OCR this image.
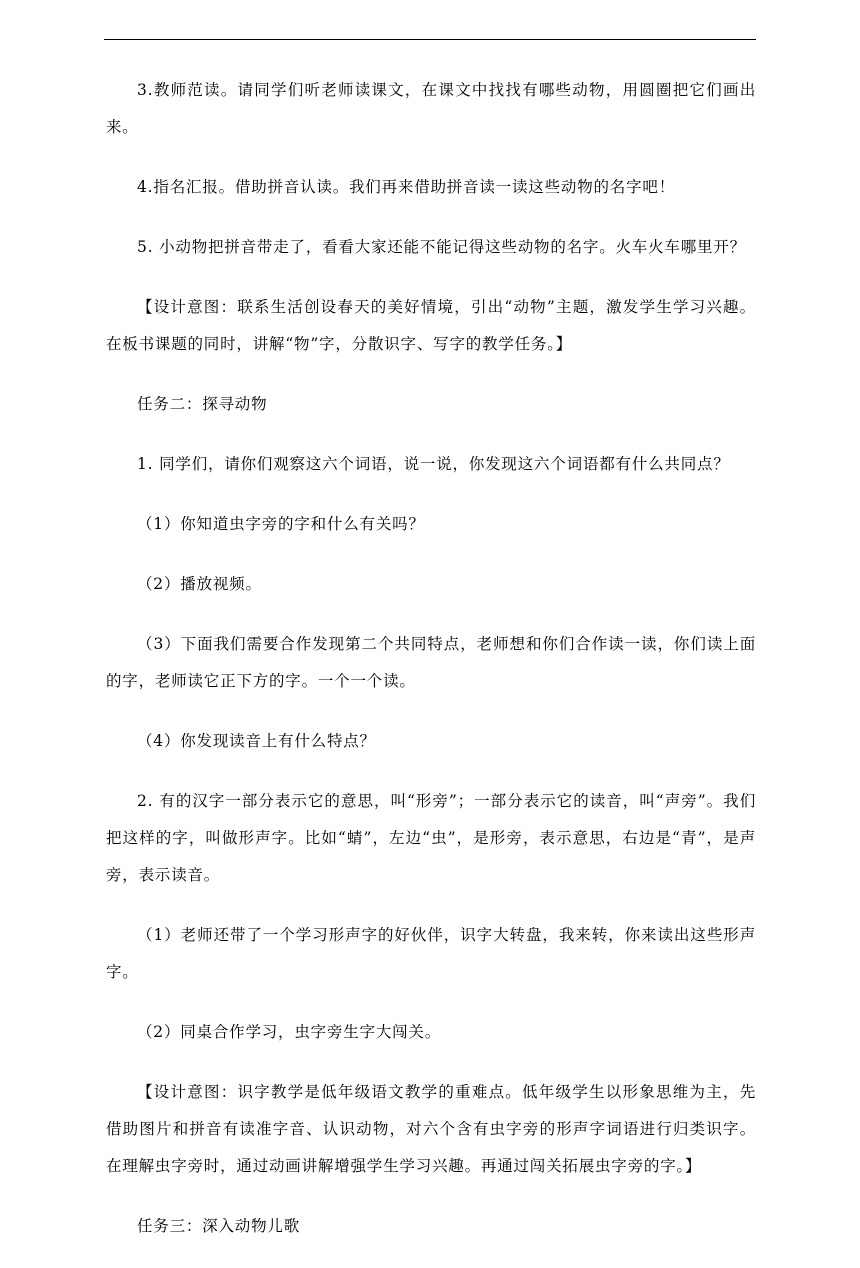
3.教师范读。请同学们听老师读课文，在课文中找找有哪些动物，用圆圈把它们画出来。

4.指名汇报。借助拼音认读。我们再来借助拼音读一读这些动物的名字吧！

5. 小动物把拼音带走了，看看大家还能不能记得这些动物的名字。火车火车哪里开？

【设计意图：联系生活创设春天的美好情境，引出“动物”主题，激发学生学习兴趣。在板书课题的同时，讲解“物”字，分散识字、写字的教学任务。】

任务二：探寻动物

1. 同学们，请你们观察这六个词语，说一说，你发现这六个词语都有什么共同点？

（1）你知道虫字旁的字和什么有关吗？

（2）播放视频。

（3）下面我们需要合作发现第二个共同特点，老师想和你们合作读一读，你们读上面的字，老师读它正下方的字。一个一个读。

（4）你发现读音上有什么特点？

2. 有的汉字一部分表示它的意思，叫“形旁”；一部分表示它的读音，叫“声旁”。我们把这样的字，叫做形声字。比如“蜻”，左边“虫”，是形旁，表示意思，右边是“青”，是声旁，表示读音。

（1）老师还带了一个学习形声字的好伙伴，识字大转盘，我来转，你来读出这些形声字。

（2）同桌合作学习，虫字旁生字大闯关。

【设计意图：识字教学是低年级语文教学的重难点。低年级学生以形象思维为主，先借助图片和拼音有读准字音、认识动物，对六个含有虫字旁的形声字词语进行归类识字。在理解虫字旁时，通过动画讲解增强学生学习兴趣。再通过闯关拓展虫字旁的字。】

任务三：深入动物儿歌
